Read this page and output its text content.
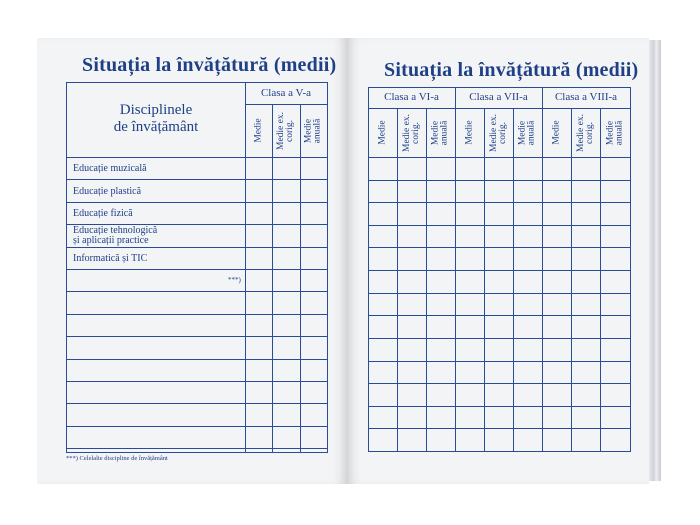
Situația la învățătură (medii) Situația la învățătură (medii)
Clasa a V-a
Medie Medie ex. corig. Medie anuală
Educație muzicală
Educație plastică
Educație fizică
Educație tehnologică
și aplicații practice
Informatică și TIC
Clasa a VI-a
Medie Medie ex. corig. Medie anuală
Clasa a VII-a
Medie Medie ex. corig. Medie anuală
Clasa a VIII-a
Medie Medie ex. corig. Medie anuală
Disciplinele
de învățământ
***)
***) Celelalte discipline de învățământ
